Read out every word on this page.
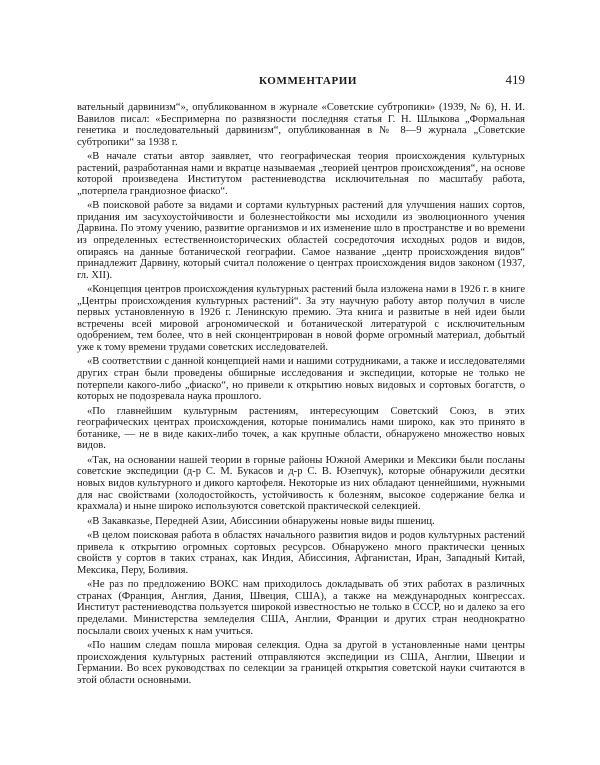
КОММЕНТАРИИ	419

вательный дарвинизм“», опубликованном в журнале «Советские субтропики» (1939, № 6), Н. И. Вавилов писал: «Беспримерна по развязности последняя статья Г. Н. Шлыкова „Формальная генетика и последовательный дарвинизм“, опубликованная в № 8—9 журнала „Советские субтропики“ за 1938 г.

«В начале статьи автор заявляет, что географическая теория происхождения культурных растений, разработанная нами и вкратце называемая „теорией центров происхождения“, на основе которой произведена Институтом растениеводства исключительная по масштабу работа, „потерпела грандиозное фиаско“.

«В поисковой работе за видами и сортами культурных растений для улучшения наших сортов, придания им засухоустойчивости и болезнестойкости мы исходили из эволюционного учения Дарвина. По этому учению, развитие организмов и их изменение шло в пространстве и во времени из определенных естественноисторических областей сосредоточия исходных родов и видов, опираясь на данные ботанической географии. Самое название „центр происхождения видов“ принадлежит Дарвину, который считал положение о центрах происхождения видов законом (1937, гл. XII).

«Концепция центров происхождения культурных растений была изложена нами в 1926 г. в книге „Центры происхождения культурных растений“. За эту научную работу автор получил в числе первых установленную в 1926 г. Ленинскую премию. Эта книга и развитые в ней идеи были встречены всей мировой агрономической и ботанической литературой с исключительным одобрением, тем более, что в ней сконцентрирован в новой форме огромный материал, добытый уже к тому времени трудами советских исследователей.

«В соответствии с данной концепцией нами и нашими сотрудниками, а также и исследователями других стран были проведены обширные исследования и экспедиции, которые не только не потерпели какого-либо „фиаско“, но привели к открытию новых видовых и сортовых богатств, о которых не подозревала наука прошлого.

«По главнейшим культурным растениям, интересующим Советский Союз, в этих географических центрах происхождения, которые понимались нами широко, как это принято в ботанике, — не в виде каких-либо точек, а как крупные области, обнаружено множество новых видов.

«Так, на основании нашей теории в горные районы Южной Америки и Мексики были посланы советские экспедиции (д-р С. М. Букасов и д-р С. В. Юзепчук), которые обнаружили десятки новых видов культурного и дикого картофеля. Некоторые из них обладают ценнейшими, нужными для нас свойствами (холодостойкость, устойчивость к болезням, высокое содержание белка и крахмала) и ныне широко используются советской практической селекцией.

«В Закавказье, Передней Азии, Абиссинии обнаружены новые виды пшениц.

«В целом поисковая работа в областях начального развития видов и родов культурных растений привела к открытию огромных сортовых ресурсов. Обнаружено много практически ценных свойств у сортов в таких странах, как Индия, Абиссиния, Афганистан, Иран, Западный Китай, Мексика, Перу, Боливия.

«Не раз по предложению ВОКС нам приходилось докладывать об этих работах в различных странах (Франция, Англия, Дания, Швеция, США), а также на международных конгрессах. Институт растениеводства пользуется широкой известностью не только в СССР, но и далеко за его пределами. Министерства земледелия США, Англии, Франции и других стран неоднократно посылали своих ученых к нам учиться.

«По нашим следам пошла мировая селекция. Одна за другой в установленные нами центры происхождения культурных растений отправляются экспедиции из США, Англии, Швеции и Германии. Во всех руководствах по селекции за границей открытия советской науки считаются в этой области основными.
